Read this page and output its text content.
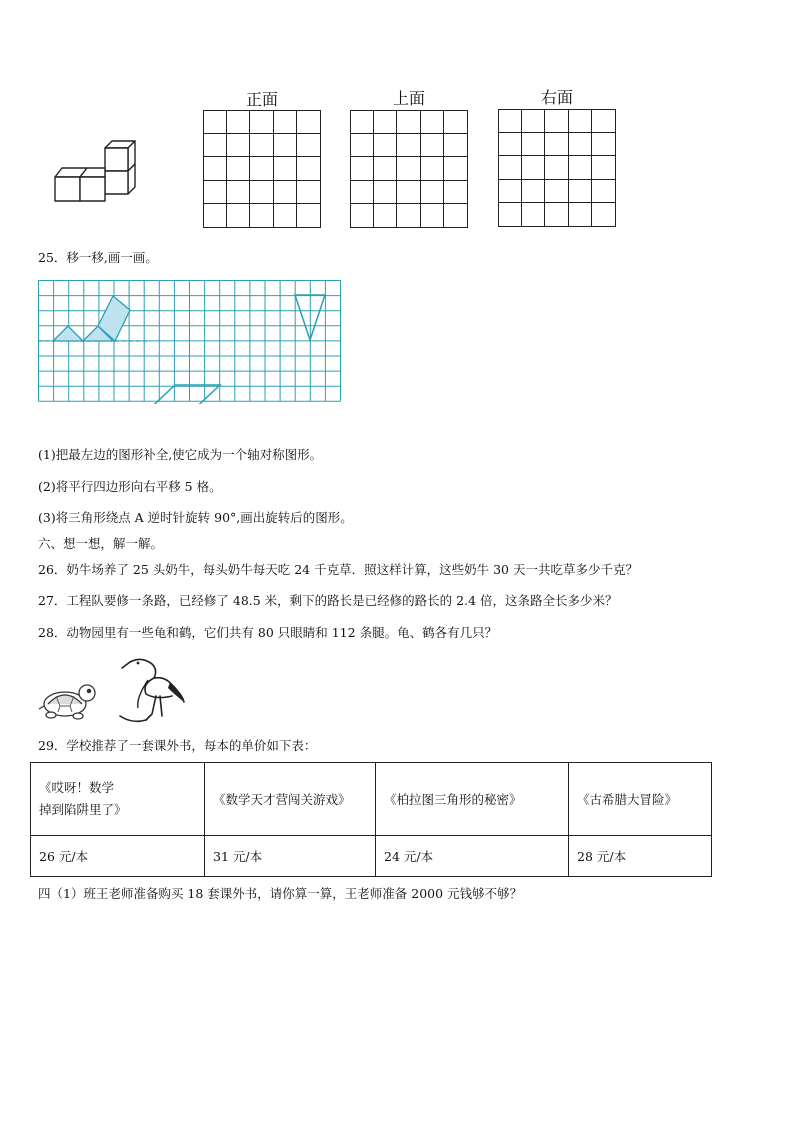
正面	上面	右面
25．移一移,画一画。
(1)把最左边的图形补全,使它成为一个轴对称图形。
(2)将平行四边形向右平移 5 格。
(3)将三角形绕点 A 逆时针旋转 90°,画出旋转后的图形。
六、想一想，解一解。
26．奶牛场养了 25 头奶牛，每头奶牛每天吃 24 千克草．照这样计算，这些奶牛 30 天一共吃草多少千克？
27．工程队要修一条路，已经修了 48.5 米，剩下的路长是已经修的路长的 2.4 倍，这条路全长多少米？
28．动物园里有一些龟和鹤，它们共有 80 只眼睛和 112 条腿。龟、鹤各有几只？
29．学校推荐了一套课外书，每本的单价如下表：
《哎呀！数学
掉到陷阱里了》	《数学天才营闯关游戏》	《柏拉图三角形的秘密》	《古希腊大冒险》

26 元/本	31 元/本	24 元/本	28 元/本
四（1）班王老师准备购买 18 套课外书，请你算一算，王老师准备 2000 元钱够不够？
